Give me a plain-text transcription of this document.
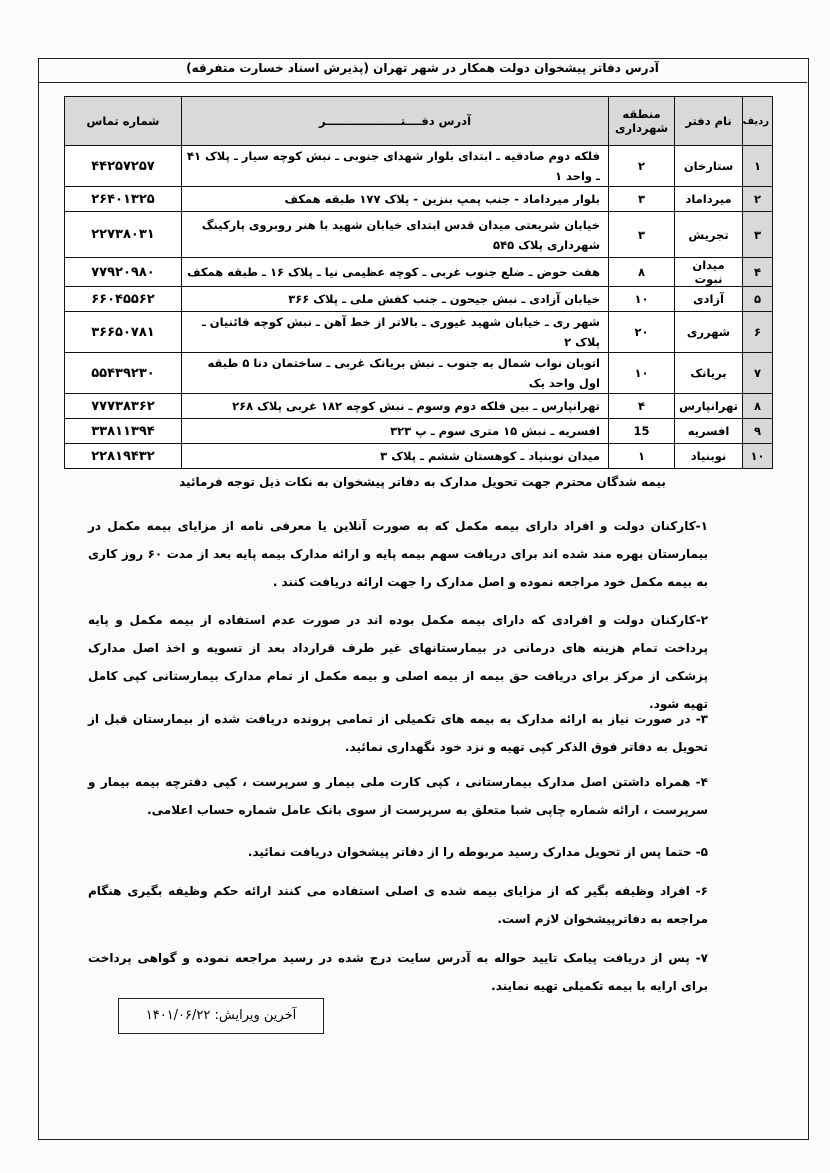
آدرس دفاتر پیشخوان دولت همکار در شهر تهران (پذیرش اسناد خسارت متفرقه)
ردیف	نام دفتر	منطقه شهرداری	آدرس دفــــتـــــــــــــــــــر	شماره تماس
۱	ستارخان	۲	فلکه دوم صادقیه ـ ابتدای بلوار شهدای جنوبی ـ نبش کوچه سیار ـ پلاک ۴۱ ـ واحد ۱	۴۴۲۵۷۲۵۷
۲	میرداماد	۳	بلوار میرداماد - جنب پمپ بنزین - پلاک ۱۷۷ طبقه همکف	۲۶۴۰۱۳۲۵
۳	تجریش	۳	خیابان شریعتی میدان قدس ابتدای خیابان شهید با هنر روبروی پارکینگ شهرداری پلاک ۵۴۵	۲۲۷۳۸۰۳۱
۴	میدان نبوت	۸	هفت حوض ـ ضلع جنوب غربی ـ کوچه عظیمی نیا ـ پلاک ۱۶ ـ طبقه همکف	۷۷۹۲۰۹۸۰
۵	آزادی	۱۰	خیابان آزادی ـ نبش جیحون ـ جنب کفش ملی ـ پلاک ۳۶۶	۶۶۰۴۵۵۶۲
۶	شهرری	۲۰	شهر ری ـ خیابان شهید غیوری ـ بالاتر از خط آهن ـ نبش کوچه قائنیان ـ پلاک ۲	۳۶۶۵۰۷۸۱
۷	بریانک	۱۰	اتوبان نواب شمال به جنوب ـ نبش بریانک غربی ـ ساختمان دنا ۵ طبقه اول واحد یک	۵۵۴۳۹۲۳۰
۸	تهرانپارس	۴	تهرانپارس ـ بین فلکه دوم وسوم ـ نبش کوچه ۱۸۲ غربی پلاک ۲۶۸	۷۷۷۳۸۳۶۲
۹	افسریه	15	افسریه ـ نبش ۱۵ متری سوم ـ پ ۳۲۳	۳۳۸۱۱۳۹۴
۱۰	نوبنیاد	۱	میدان نوبنیاد ـ کوهستان ششم ـ پلاک ۳	۲۲۸۱۹۴۳۲
بیمه شدگان محترم جهت تحویل مدارک به دفاتر پیشخوان به نکات ذیل توجه فرمائید
۱-کارکنان دولت و افراد دارای بیمه مکمل که به صورت آنلاین یا معرفی نامه از مزایای بیمه مکمل در بیمارستان بهره مند شده اند برای دریافت سهم بیمه پایه و ارائه مدارک بیمه پایه بعد از مدت ۶۰ روز کاری به بیمه مکمل خود مراجعه نموده و اصل مدارک را جهت ارائه دریافت کنند .
۲-کارکنان دولت و افرادی که دارای بیمه مکمل بوده اند در صورت عدم استفاده از بیمه مکمل و پایه پرداخت تمام هزینه های درمانی در بیمارستانهای غیر طرف قرارداد بعد از تسویه و اخذ اصل مدارک پزشکی از مرکز برای دریافت حق بیمه از بیمه اصلی و بیمه مکمل از تمام مدارک بیمارستانی کپی کامل تهیه شود.
۳- در صورت نیاز به ارائه مدارک به بیمه های تکمیلی از تمامی پرونده دریافت شده از بیمارستان قبل از تحویل به دفاتر فوق الذکر کپی تهیه و نزد خود نگهداری نمائید.
۴- همراه داشتن اصل مدارک بیمارستانی ، کپی کارت ملی بیمار و سرپرست ، کپی دفترچه بیمه بیمار و سرپرست ، ارائه شماره چاپی شبا متعلق به سرپرست از سوی بانک عامل شماره حساب اعلامی.
۵- حتما پس از تحویل مدارک رسید مربوطه را از دفاتر پیشخوان دریافت نمائید.
۶- افراد وظیفه بگیر که از مزایای بیمه شده ی اصلی استفاده می کنند ارائه حکم وظیفه بگیری هنگام مراجعه به دفاترپیشخوان لازم است.
۷- پس از دریافت پیامک تایید حواله به آدرس سایت درج شده در رسید مراجعه نموده و گواهی پرداخت برای ارایه با بیمه تکمیلی تهیه نمایند.
آخرین ویرایش: ۱۴۰۱/۰۶/۲۲
